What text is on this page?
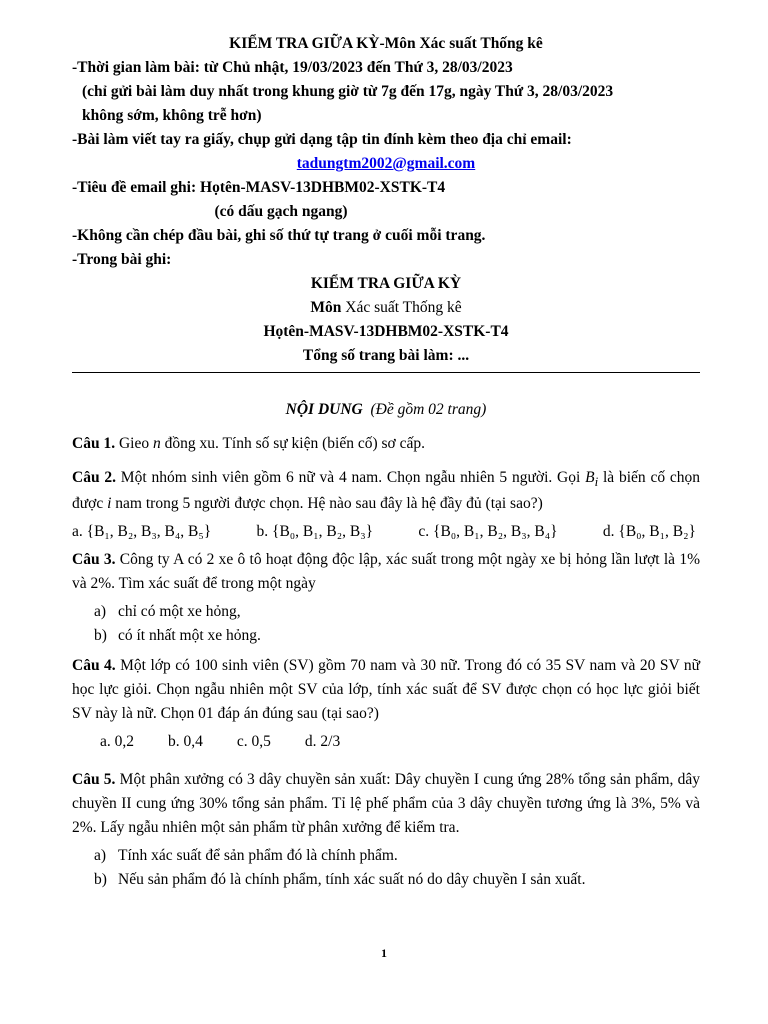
KIỂM TRA GIỮA KỲ-Môn Xác suất Thống kê

-Thời gian làm bài: từ Chủ nhật, 19/03/2023 đến Thứ 3, 28/03/2023

(chỉ gửi bài làm duy nhất trong khung giờ từ 7g đến 17g, ngày Thứ 3, 28/03/2023

không sớm, không trễ hơn)

-Bài làm viết tay ra giấy, chụp gửi dạng tập tin đính kèm theo địa chỉ email:

tadungtm2002@gmail.com

-Tiêu đề email ghi: Họtên-MASV-13DHBM02-XSTK-T4

(có dấu gạch ngang)

-Không cần chép đầu bài, ghi số thứ tự trang ở cuối mỗi trang.

-Trong bài ghi:

KIỂM TRA GIỮA KỲ

Môn Xác suất Thống kê

Họtên-MASV-13DHBM02-XSTK-T4

Tổng số trang bài làm: ...

NỘI DUNG (Đề gồm 02 trang)

Câu 1. Gieo n đồng xu. Tính số sự kiện (biến cố) sơ cấp.

Câu 2. Một nhóm sinh viên gồm 6 nữ và 4 nam. Chọn ngẫu nhiên 5 người. Gọi $B_i$ là biến cố chọn được i nam trong 5 người được chọn. Hệ nào sau đây là hệ đầy đủ (tại sao?)

a. {B₁, B₂, B₃, B₄, B₅}	b. {B₀, B₁, B₂, B₃}	c. {B₀, B₁, B₂, B₃, B₄}	d. {B₀, B₁, B₂}

Câu 3. Công ty A có 2 xe ô tô hoạt động độc lập, xác suất trong một ngày xe bị hỏng lần lượt là 1% và 2%. Tìm xác suất để trong một ngày

a) chỉ có một xe hỏng,

b) có ít nhất một xe hỏng.

Câu 4. Một lớp có 100 sinh viên (SV) gồm 70 nam và 30 nữ. Trong đó có 35 SV nam và 20 SV nữ học lực giỏi. Chọn ngẫu nhiên một SV của lớp, tính xác suất để SV được chọn có học lực giỏi biết SV này là nữ. Chọn 01 đáp án đúng sau (tại sao?)

a. 0,2 b. 0,4 c. 0,5 d. 2/3

Câu 5. Một phân xưởng có 3 dây chuyền sản xuất: Dây chuyền I cung ứng 28% tổng sản phẩm, dây chuyền II cung ứng 30% tổng sản phẩm. Tỉ lệ phế phẩm của 3 dây chuyền tương ứng là 3%, 5% và 2%. Lấy ngẫu nhiên một sản phẩm từ phân xưởng để kiểm tra.

a) Tính xác suất để sản phẩm đó là chính phẩm.

b) Nếu sản phẩm đó là chính phẩm, tính xác suất nó do dây chuyền I sản xuất.

1
